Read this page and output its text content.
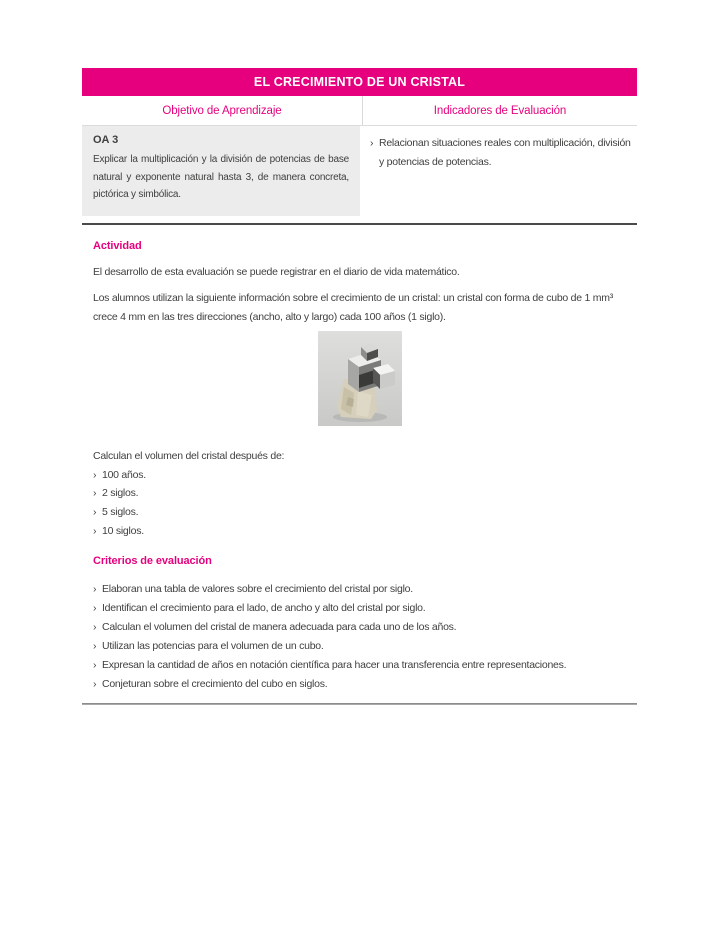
EL CRECIMIENTO DE UN CRISTAL
Objetivo de Aprendizaje	Indicadores de Evaluación
OA 3
Explicar la multiplicación y la división de potencias de base natural y exponente natural hasta 3, de manera concreta, pictórica y simbólica.
› Relacionan situaciones reales con multiplicación, división y potencias de potencias.
Actividad

El desarrollo de esta evaluación se puede registrar en el diario de vida matemático.

Los alumnos utilizan la siguiente información sobre el crecimiento de un cristal: un cristal con forma de cubo de 1 mm³ crece 4 mm en las tres direcciones (ancho, alto y largo) cada 100 años (1 siglo).

Calculan el volumen del cristal después de:

› 100 años.
› 2 siglos.
› 5 siglos.
› 10 siglos.
Criterios de evaluación
› Elaboran una tabla de valores sobre el crecimiento del cristal por siglo.
› Identifican el crecimiento para el lado, de ancho y alto del cristal por siglo.
› Calculan el volumen del cristal de manera adecuada para cada uno de los años.
› Utilizan las potencias para el volumen de un cubo.
› Expresan la cantidad de años en notación científica para hacer una transferencia entre representaciones.
› Conjeturan sobre el crecimiento del cubo en siglos.
